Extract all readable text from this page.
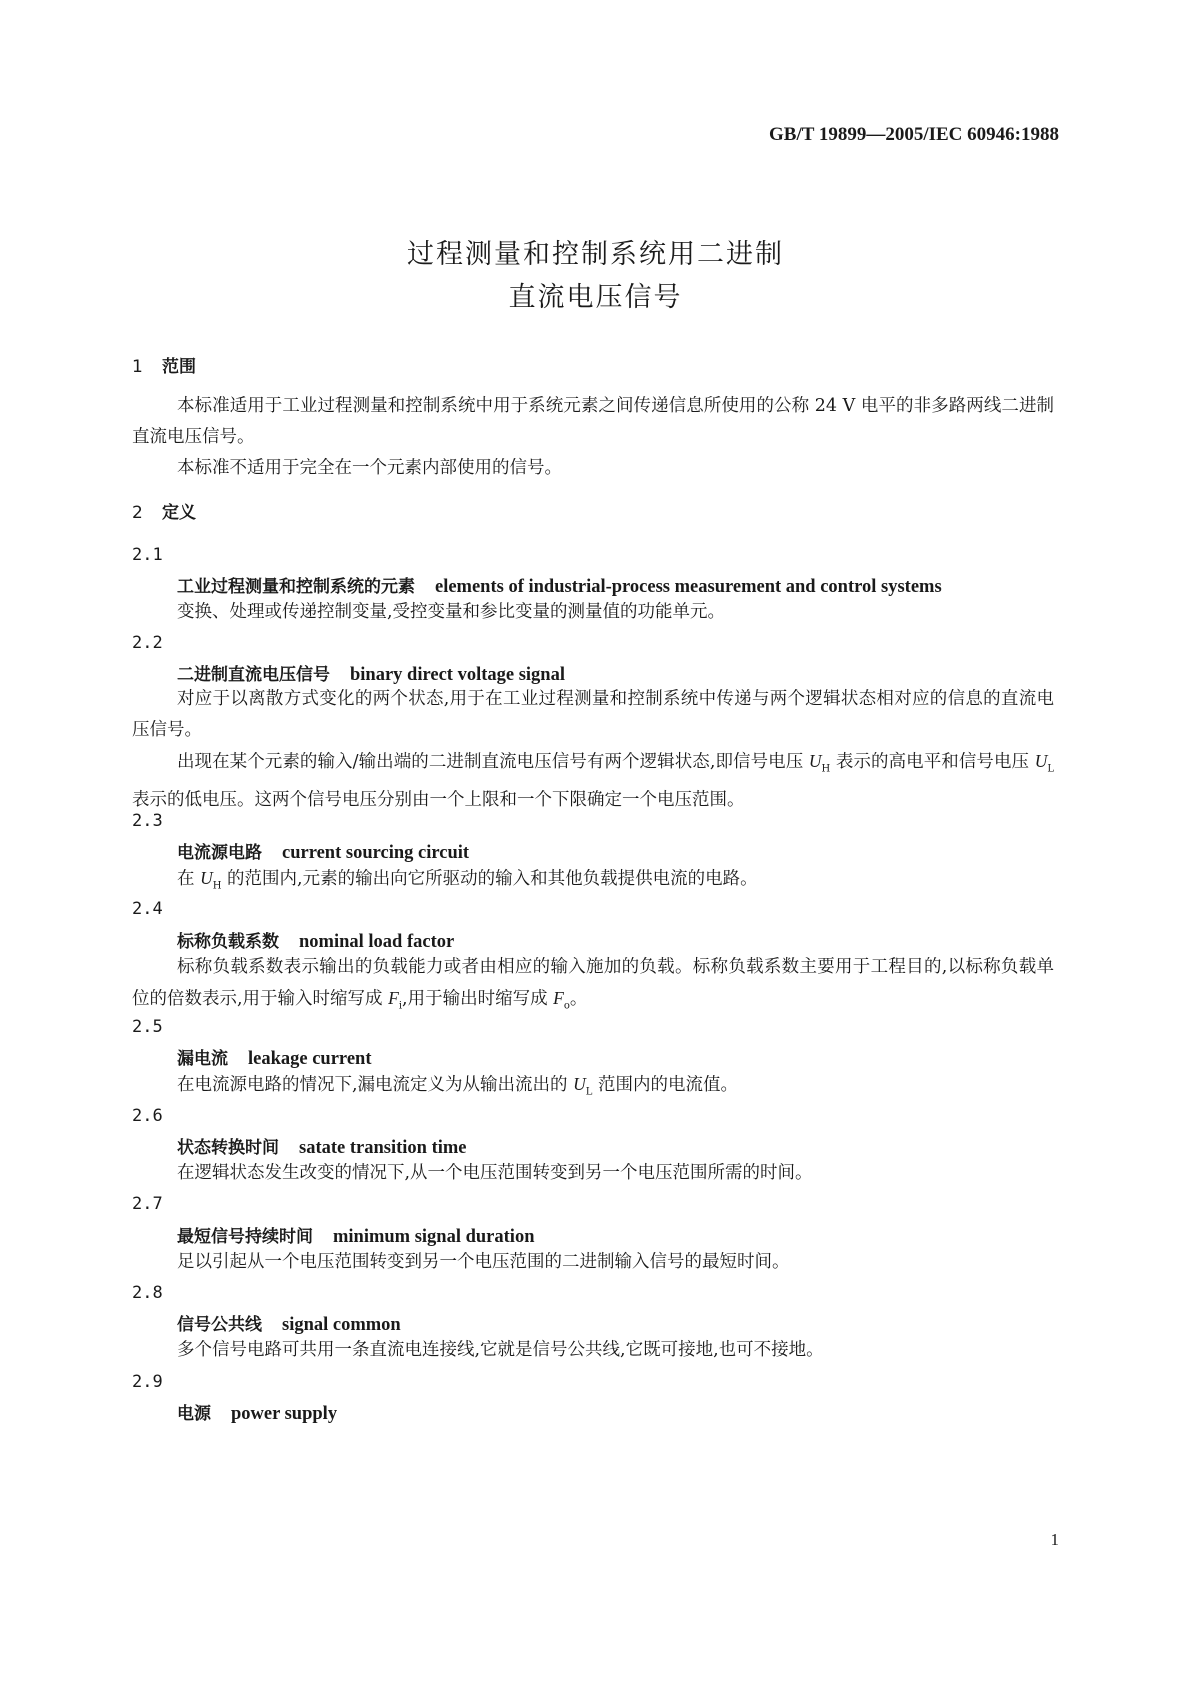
GB/T 19899—2005/IEC 60946:1988
过程测量和控制系统用二进制
直流电压信号
1 范围
本标准适用于工业过程测量和控制系统中用于系统元素之间传递信息所使用的公称 24 V 电平的非多路两线二进制直流电压信号。
本标准不适用于完全在一个元素内部使用的信号。
2 定义
2.1
工业过程测量和控制系统的元素 elements of industrial-process measurement and control systems
变换、处理或传递控制变量,受控变量和参比变量的测量值的功能单元。
2.2
二进制直流电压信号 binary direct voltage signal
对应于以离散方式变化的两个状态,用于在工业过程测量和控制系统中传递与两个逻辑状态相对应的信息的直流电压信号。
出现在某个元素的输入/输出端的二进制直流电压信号有两个逻辑状态,即信号电压 $U_H$ 表示的高电平和信号电压 $U_L$ 表示的低电压。这两个信号电压分别由一个上限和一个下限确定一个电压范围。
2.3
电流源电路 current sourcing circuit
在 $U_H$ 的范围内,元素的输出向它所驱动的输入和其他负载提供电流的电路。
2.4
标称负载系数 nominal load factor
标称负载系数表示输出的负载能力或者由相应的输入施加的负载。标称负载系数主要用于工程目的,以标称负载单位的倍数表示,用于输入时缩写成 $F_i$,用于输出时缩写成 $F_o$。
2.5
漏电流 leakage current
在电流源电路的情况下,漏电流定义为从输出流出的 $U_L$ 范围内的电流值。
2.6
状态转换时间 satate transition time
在逻辑状态发生改变的情况下,从一个电压范围转变到另一个电压范围所需的时间。
2.7
最短信号持续时间 minimum signal duration
足以引起从一个电压范围转变到另一个电压范围的二进制输入信号的最短时间。
2.8
信号公共线 signal common
多个信号电路可共用一条直流电连接线,它就是信号公共线,它既可接地,也可不接地。
2.9
电源 power supply
1
